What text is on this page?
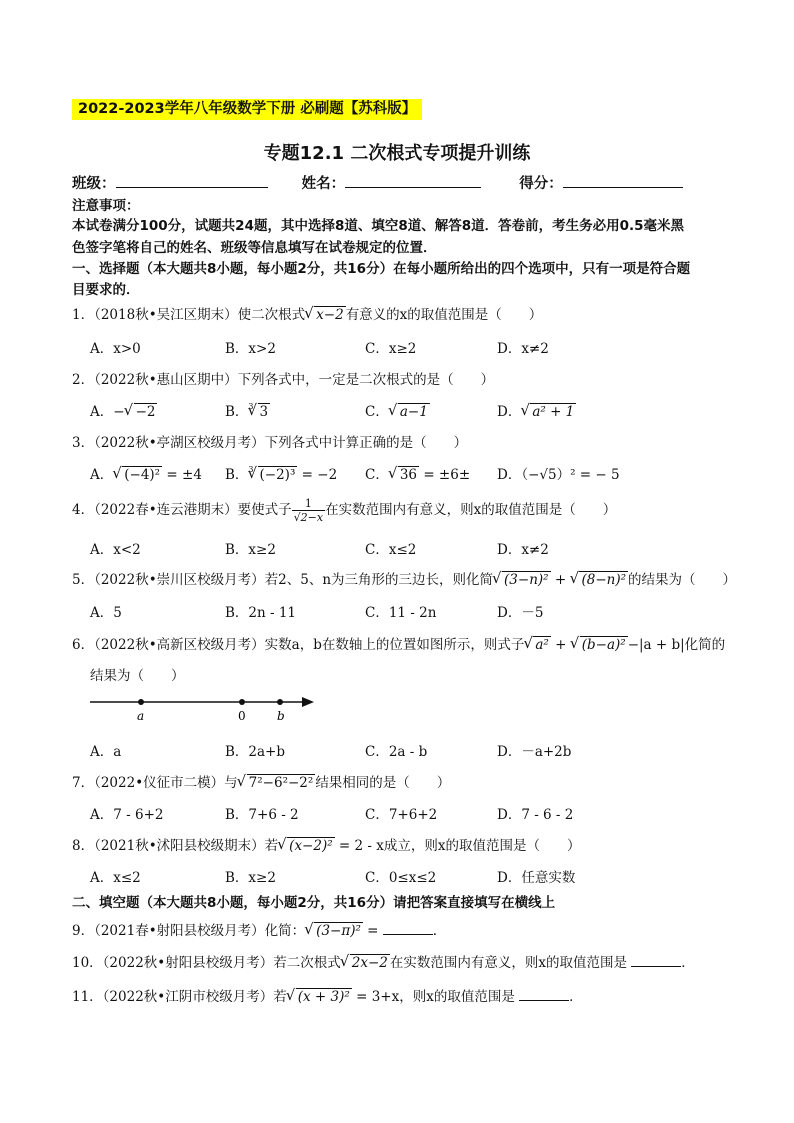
2022-2023学年八年级数学下册 必刷题【苏科版】
专题12.1 二次根式专项提升训练
班级：	姓名：	得分：
注意事项：
本试卷满分100分，试题共24题，其中选择8道、填空8道、解答8道．答卷前，考生务必用0.5毫米黑
色签字笔将自己的姓名、班级等信息填写在试卷规定的位置．
一、选择题（本大题共8小题，每小题2分，共16分）在每小题所给出的四个选项中，只有一项是符合题
目要求的．
1．（2018秋•吴江区期末）使二次根式 √ x−2 有意义的x的取值范围是（　　）
A．x>0	B．x>2	C．x≥2	D．x≠2
2．（2022秋•惠山区期中）下列各式中，一定是二次根式的是（　　）
A．− √ −2	B．$^3$ √ 3	C． √ a−1	D． √ a² + 1
3．（2022秋•亭湖区校级月考）下列各式中计算正确的是（　　）
A． √ (−4)² = ±4 B．$^3$ √ (−2)³ = −2 C． √ 36 = ±6± D．（−√5）² = − 5
4．（2022春•连云港期末）要使式子 $\frac{1}{√2-x}$ 在实数范围内有意义，则x的取值范围是（　　）
A．x<2	B．x≥2	C．x≤2	D．x≠2
5．（2022秋•崇川区校级月考）若2、5、n为三角形的三边长，则化简 √ (3−n)² + √ (8−n)² 的结果为（　　）
A．5	B．2n - 11	C．11 - 2n	D．－5
6．（2022秋•高新区校级月考）实数a，b在数轴上的位置如图所示，则式子 √ a² + √ (b−a)² −|a + b|化简的
结果为（　　）
a	0	b
A．a	B．2a+b	C．2a - b	D．－a+2b
7．（2022•仪征市二模）与 √ 7²−6²−2² 结果相同的是（　　）
A．7 - 6+2	B．7+6 - 2	C．7+6+2	D．7 - 6 - 2
8．（2021秋•沭阳县校级期末）若 √ (x−2)² = 2 - x成立，则x的取值范围是（　　）
A．x≤2	B．x≥2	C．0≤x≤2	D．任意实数
二、填空题（本大题共8小题，每小题2分，共16分）请把答案直接填写在横线上
9．（2021春•射阳县校级月考）化简： √ (3−π)² =	．
10．（2022秋•射阳县校级月考）若二次根式 √ 2x−2 在实数范围内有意义，则x的取值范围是	．
11．（2022秋•江阴市校级月考）若 √ (x + 3)² = 3+x，则x的取值范围是	．
